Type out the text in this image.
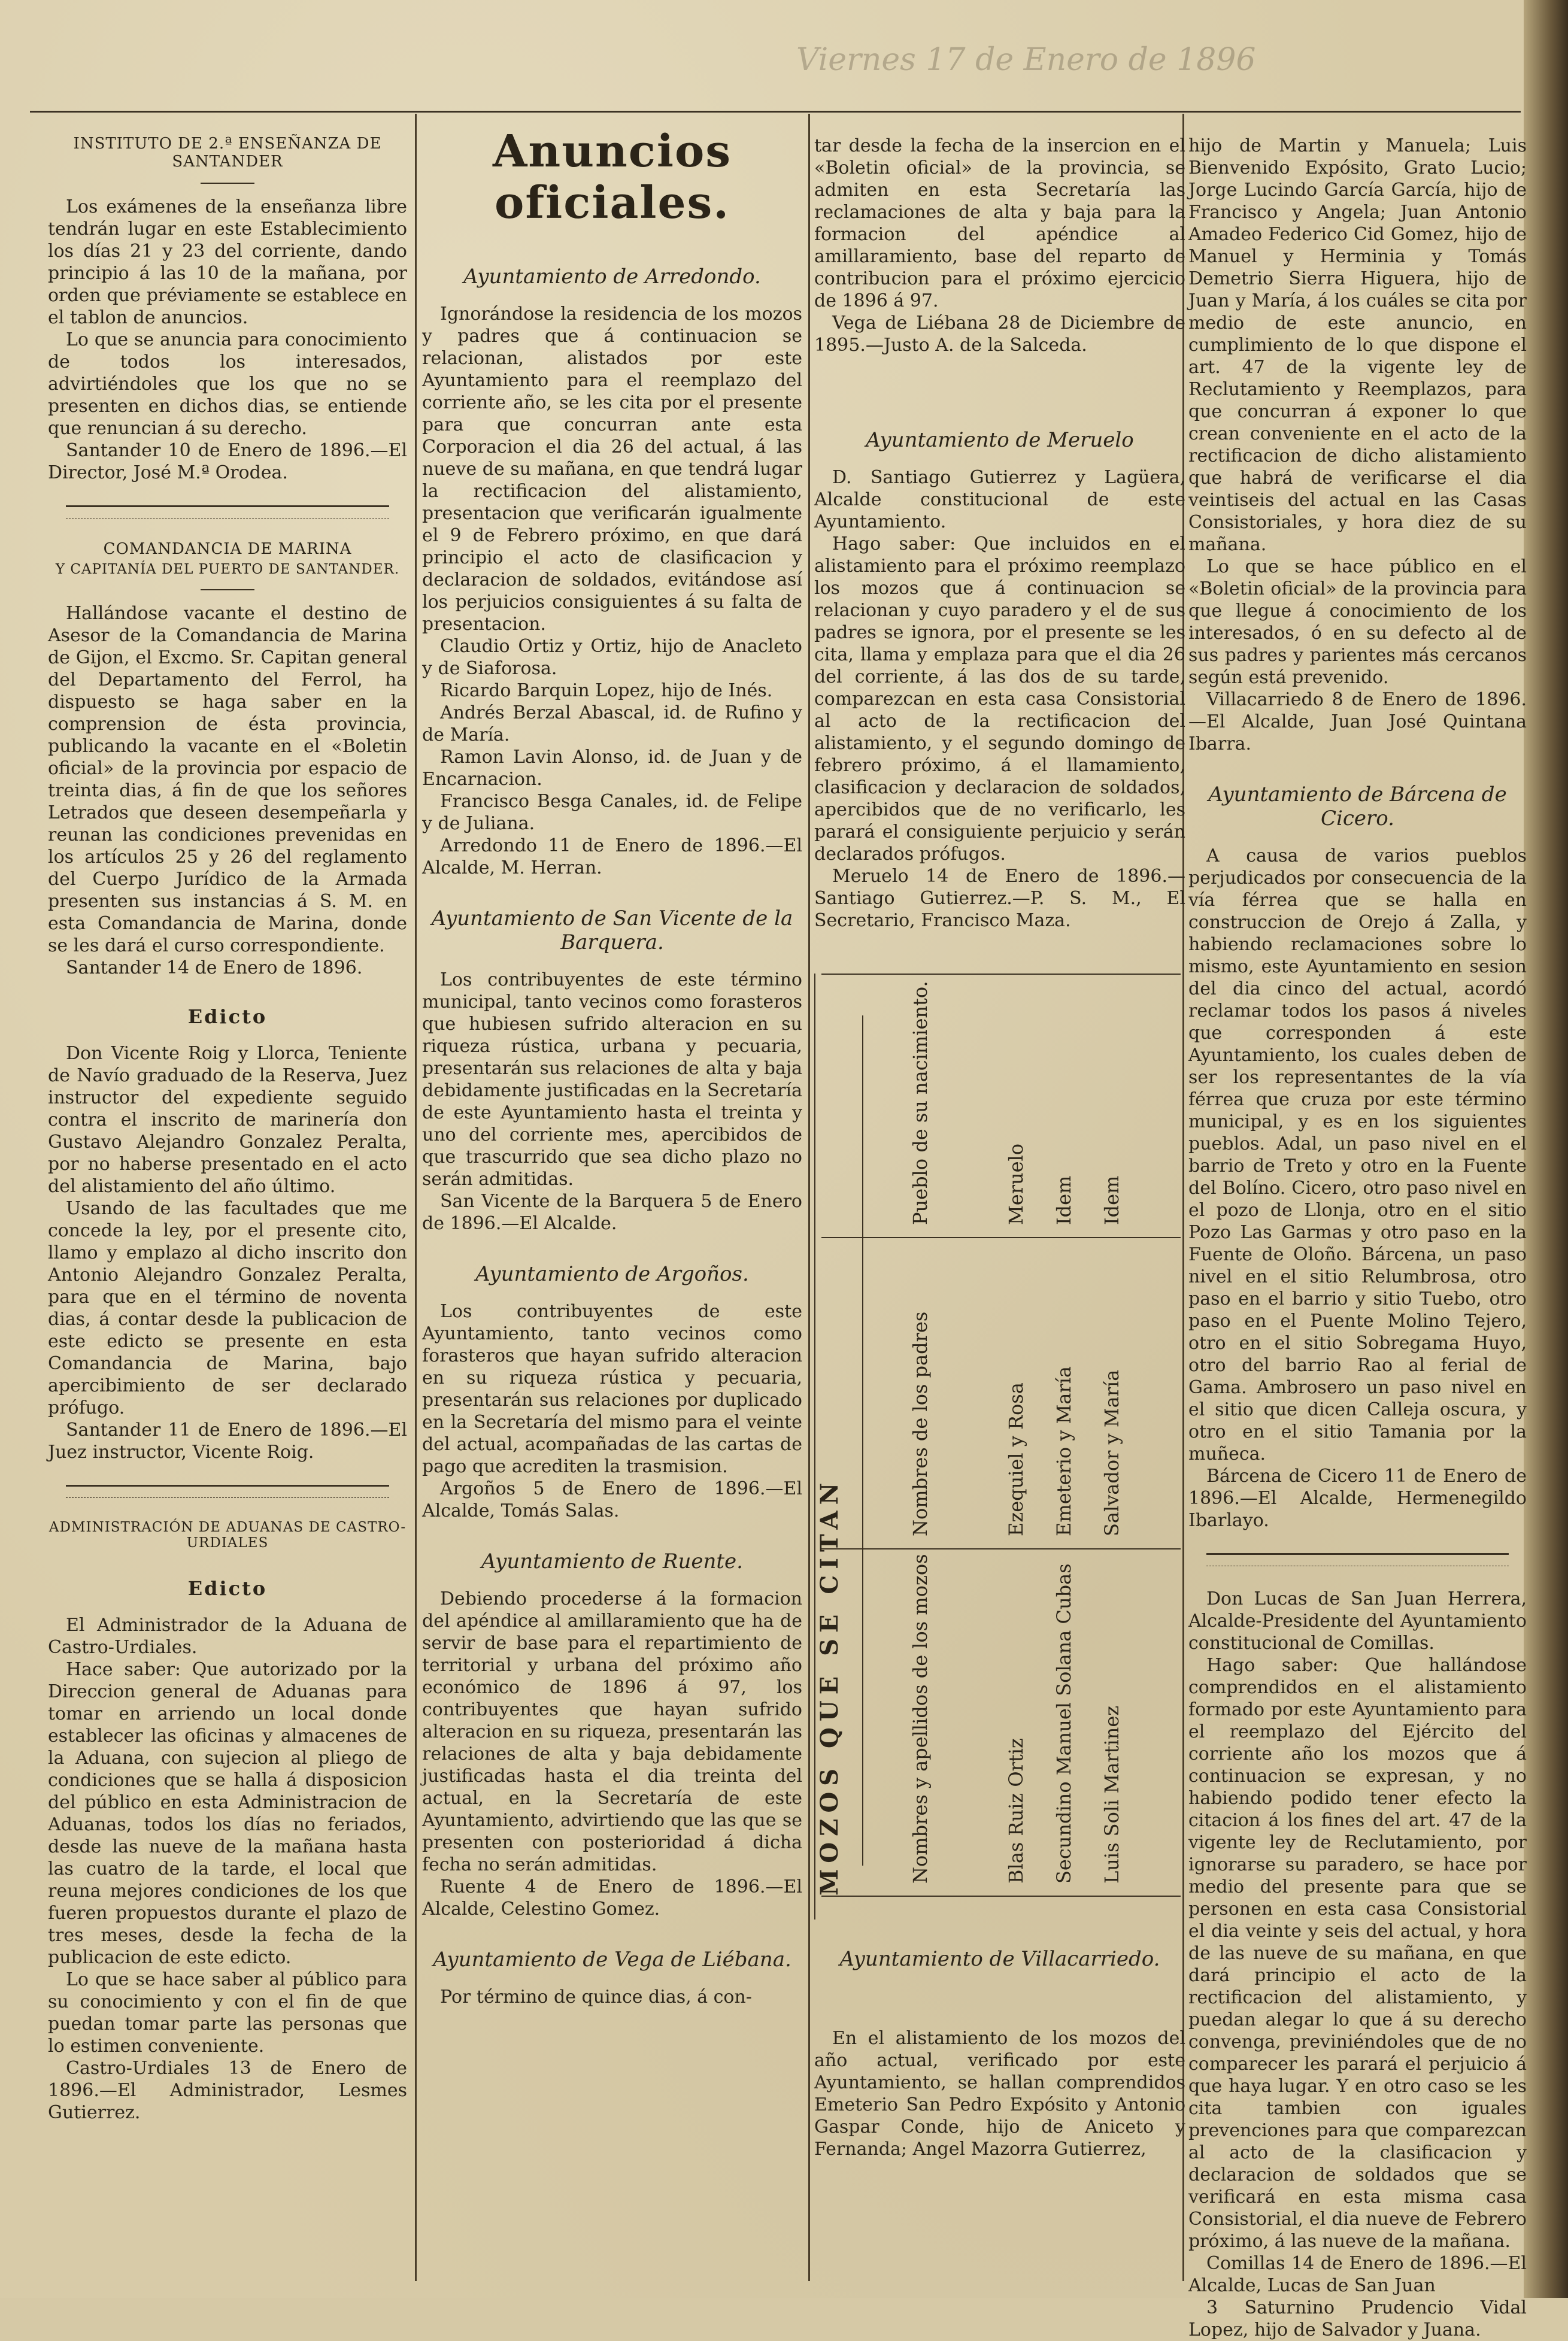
INSTITUTO DE 2.ª ENSEÑANZA DE SANTANDER

Los exámenes de la enseñanza libre tendrán lugar en este Establecimiento los días 21 y 23 del corriente, dando principio á las 10 de la mañana, por orden que préviamente se establece en el tablon de anuncios.

Lo que se anuncia para conocimiento de todos los interesados, advirtiéndoles que los que no se presenten en dichos dias, se entiende que renuncian á su derecho.

Santander 10 de Enero de 1896.—El Director, José M.ª Orodea.

COMANDANCIA DE MARINA
Y CAPITANÍA DEL PUERTO DE SANTANDER.

Hallándose vacante el destino de Asesor de la Comandancia de Marina de Gijon, el Excmo. Sr. Capitan general del Departamento del Ferrol, ha dispuesto se haga saber en la comprension de ésta provincia, publicando la vacante en el «Boletin oficial» de la provincia por espacio de treinta dias, á fin de que los señores Letrados que deseen desempeñarla y reunan las condiciones prevenidas en los artículos 25 y 26 del reglamento del Cuerpo Jurídico de la Armada presenten sus instancias á S. M. en esta Comandancia de Marina, donde se les dará el curso correspondiente.

Santander 14 de Enero de 1896.

Edicto

Don Vicente Roig y Llorca, Teniente de Navío graduado de la Reserva, Juez instructor del expediente seguido contra el inscrito de marinería don Gustavo Alejandro Gonzalez Peralta, por no haberse presentado en el acto del alistamiento del año último.

Usando de las facultades que me concede la ley, por el presente cito, llamo y emplazo al dicho inscrito don Antonio Alejandro Gonzalez Peralta, para que en el término de noventa dias, á contar desde la publicacion de este edicto se presente en esta Comandancia de Marina, bajo apercibimiento de ser declarado prófugo.

Santander 11 de Enero de 1896.—El Juez instructor, Vicente Roig.

ADMINISTRACIÓN DE ADUANAS DE CASTRO-URDIALES
Edicto

El Administrador de la Aduana de Castro-Urdiales.

Hace saber: Que autorizado por la Direccion general de Aduanas para tomar en arriendo un local donde establecer las oficinas y almacenes de la Aduana, con sujecion al pliego de condiciones que se halla á disposicion del público en esta Administracion de Aduanas, todos los días no feriados, desde las nueve de la mañana hasta las cuatro de la tarde, el local que reuna mejores condiciones de los que fueren propuestos durante el plazo de tres meses, desde la fecha de la publicacion de este edicto.

Lo que se hace saber al público para su conocimiento y con el fin de que puedan tomar parte las personas que lo estimen conveniente.

Castro-Urdiales 13 de Enero de 1896.—El Administrador, Lesmes Gutierrez.

Anuncios oficiales.
Ayuntamiento de Arredondo.

Ignorándose la residencia de los mozos y padres que á continuacion se relacionan, alistados por este Ayuntamiento para el reemplazo del corriente año, se les cita por el presente para que concurran ante esta Corporacion el dia 26 del actual, á las nueve de su mañana, en que tendrá lugar la rectificacion del alistamiento, presentacion que verificarán igualmente el 9 de Febrero próximo, en que dará principio el acto de clasificacion y declaracion de soldados, evitándose así los perjuicios consiguientes á su falta de presentacion.

Claudio Ortiz y Ortiz, hijo de Anacleto y de Siaforosa.

Ricardo Barquin Lopez, hijo de Inés.

Andrés Berzal Abascal, id. de Rufino y de María.

Ramon Lavin Alonso, id. de Juan y de Encarnacion.

Francisco Besga Canales, id. de Felipe y de Juliana.

Arredondo 11 de Enero de 1896.—El Alcalde, M. Herran.

Ayuntamiento de San Vicente de la Barquera.

Los contribuyentes de este término municipal, tanto vecinos como forasteros que hubiesen sufrido alteracion en su riqueza rústica, urbana y pecuaria, presentarán sus relaciones de alta y baja debidamente justificadas en la Secretaría de este Ayuntamiento hasta el treinta y uno del corriente mes, apercibidos de que trascurrido que sea dicho plazo no serán admitidas.

San Vicente de la Barquera 5 de Enero de 1896.—El Alcalde.

Ayuntamiento de Argoños.

Los contribuyentes de este Ayuntamiento, tanto vecinos como forasteros que hayan sufrido alteracion en su riqueza rústica y pecuaria, presentarán sus relaciones por duplicado en la Secretaría del mismo para el veinte del actual, acompañadas de las cartas de pago que acrediten la trasmision.

Argoños 5 de Enero de 1896.—El Alcalde, Tomás Salas.

Ayuntamiento de Ruente.

Debiendo procederse á la formacion del apéndice al amillaramiento que ha de servir de base para el repartimiento de territorial y urbana del próximo año económico de 1896 á 97, los contribuyentes que hayan sufrido alteracion en su riqueza, presentarán las relaciones de alta y baja debidamente justificadas hasta el dia treinta del actual, en la Secretaría de este Ayuntamiento, advirtiendo que las que se presenten con posterioridad á dicha fecha no serán admitidas.

Ruente 4 de Enero de 1896.—El Alcalde, Celestino Gomez.

Ayuntamiento de Vega de Liébana.

Por término de quince dias, á con-

tar desde la fecha de la insercion en el «Boletin oficial» de la provincia, se admiten en esta Secretaría las reclamaciones de alta y baja para la formacion del apéndice al amillaramiento, base del reparto de contribucion para el próximo ejercicio de 1896 á 97.

Vega de Liébana 28 de Diciembre de 1895.—Justo A. de la Salceda.

Ayuntamiento de Meruelo

D. Santiago Gutierrez y Lagüera, Alcalde constitucional de este Ayuntamiento.

Hago saber: Que incluidos en el alistamiento para el próximo reemplazo los mozos que á continuacion se relacionan y cuyo paradero y el de sus padres se ignora, por el presente se les cita, llama y emplaza para que el dia 26 del corriente, á las dos de su tarde, comparezcan en esta casa Consistorial al acto de la rectificacion del alistamiento, y el segundo domingo de febrero próximo, á el llamamiento, clasificacion y declaracion de soldados, apercibidos que de no verificarlo, les parará el consiguiente perjuicio y serán declarados prófugos.

Meruelo 14 de Enero de 1896.—Santiago Gutierrez.—P. S. M., El Secretario, Francisco Maza.

MOZOS QUE SE CITAN	Nombres y apellidos de los mozos
Nombres de los padres
Pueblo de su nacimiento.
Blas Ruiz Ortiz Secundino Manuel Solana Cubas Luis Soli Martinez
Ezequiel y Rosa Emeterio y María Salvador y María
Meruelo Idem Idem
Ayuntamiento de Villacarriedo.

En el alistamiento de los mozos del año actual, verificado por este Ayuntamiento, se hallan comprendidos Emeterio San Pedro Expósito y Antonio Gaspar Conde, hijo de Aniceto y Fernanda; Angel Mazorra Gutierrez,

hijo de Martin y Manuela; Luis Bienvenido Expósito, Grato Lucio; Jorge Lucindo García García, hijo de Francisco y Angela; Juan Antonio Amadeo Federico Cid Gomez, hijo de Manuel y Herminia y Tomás Demetrio Sierra Higuera, hijo de Juan y María, á los cuáles se cita por medio de este anuncio, en cumplimiento de lo que dispone el art. 47 de la vigente ley de Reclutamiento y Reemplazos, para que concurran á exponer lo que crean conveniente en el acto de la rectificacion de dicho alistamiento que habrá de verificarse el dia veintiseis del actual en las Casas Consistoriales, y hora diez de su mañana.

Lo que se hace público en el «Boletin oficial» de la provincia para que llegue á conocimiento de los interesados, ó en su defecto al de sus padres y parientes más cercanos según está prevenido.

Villacarriedo 8 de Enero de 1896.—El Alcalde, Juan José Quintana Ibarra.

Ayuntamiento de Bárcena de Cicero.

A causa de varios pueblos perjudicados por consecuencia de la vía férrea que se halla en construccion de Orejo á Zalla, y habiendo reclamaciones sobre lo mismo, este Ayuntamiento en sesion del dia cinco del actual, acordó reclamar todos los pasos á niveles que corresponden á este Ayuntamiento, los cuales deben de ser los representantes de la vía férrea que cruza por este término municipal, y es en los siguientes pueblos. Adal, un paso nivel en el barrio de Treto y otro en la Fuente del Bolíno. Cicero, otro paso nivel en el pozo de Llonja, otro en el sitio Pozo Las Garmas y otro paso en la Fuente de Oloño. Bárcena, un paso nivel en el sitio Relumbrosa, otro paso en el barrio y sitio Tuebo, otro paso en el Puente Molino Tejero, otro en el sitio Sobregama Huyo, otro del barrio Rao al ferial de Gama. Ambrosero un paso nivel en el sitio que dicen Calleja oscura, y otro en el sitio Tamania por la muñeca.

Bárcena de Cicero 11 de Enero de 1896.—El Alcalde, Hermenegildo Ibarlayo.

Don Lucas de San Juan Herrera, Alcalde-Presidente del Ayuntamiento constitucional de Comillas.

Hago saber: Que hallándose comprendidos en el alistamiento formado por este Ayuntamiento para el reemplazo del Ejército del corriente año los mozos que á continuacion se expresan, y no habiendo podido tener efecto la citacion á los fines del art. 47 de la vigente ley de Reclutamiento, por ignorarse su paradero, se hace por medio del presente para que se personen en esta casa Consistorial el dia veinte y seis del actual, y hora de las nueve de su mañana, en que dará principio el acto de la rectificacion del alistamiento, y puedan alegar lo que á su derecho convenga, previniéndoles que de no comparecer les parará el perjuicio á que haya lugar. Y en otro caso se les cita tambien con iguales prevenciones para que comparezcan al acto de la clasificacion y declaracion de soldados que se verificará en esta misma casa Consistorial, el dia nueve de Febrero próximo, á las nueve de la mañana.

Comillas 14 de Enero de 1896.—El Alcalde, Lucas de San Juan

3 Saturnino Prudencio Vidal Lopez, hijo de Salvador y Juana.

Viernes 17 de Enero de 1896
